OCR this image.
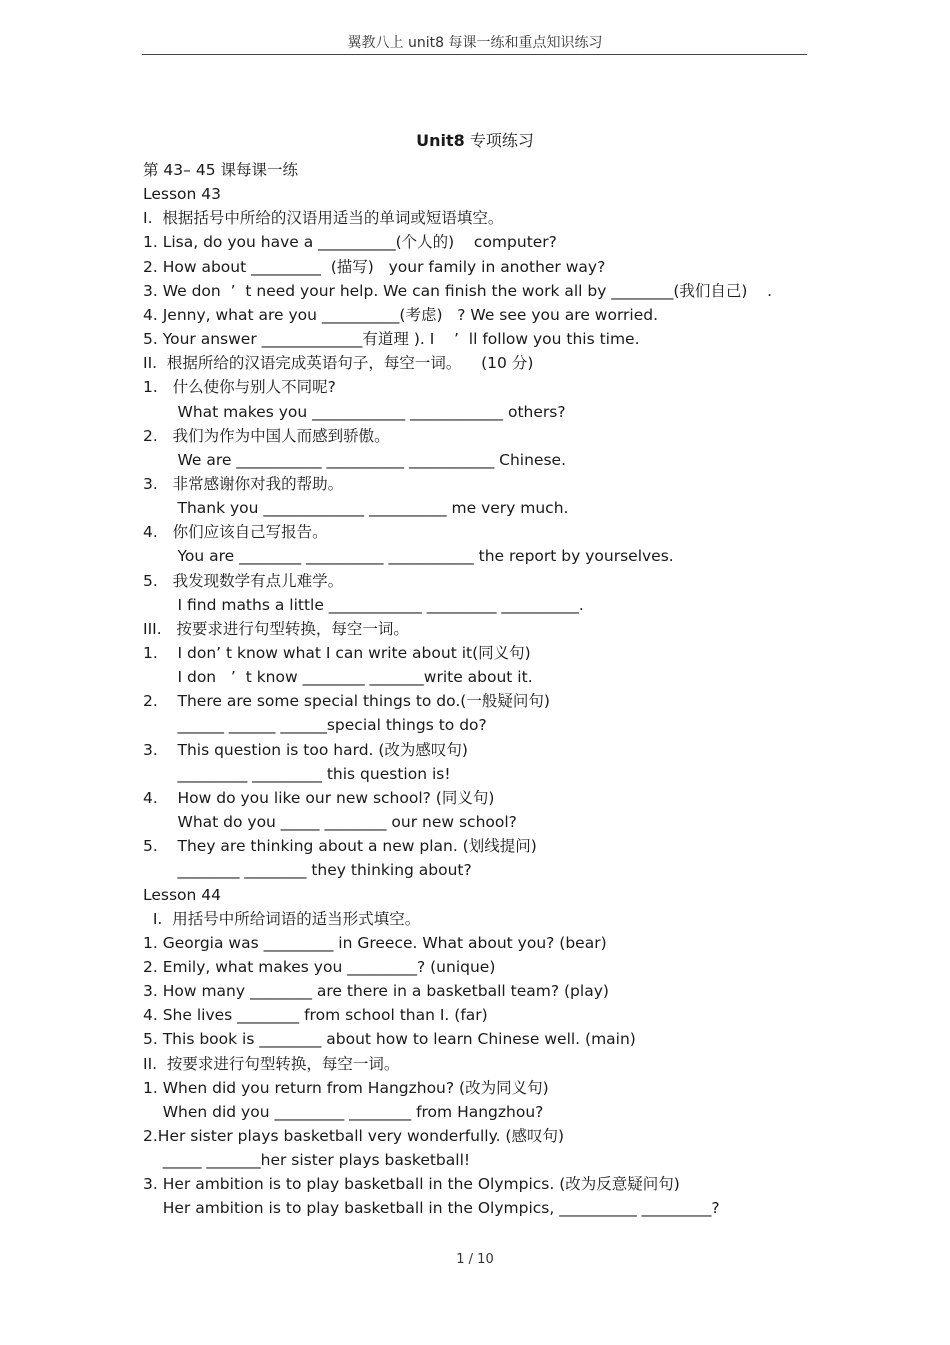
翼教八上 unit8 每课一练和重点知识练习
Unit8 专项练习
第 43– 45 课每课一练
Lesson 43
I.  根据括号中所给的汉语用适当的单词或短语填空。
1. Lisa, do you have a __________(个人的)    computer?
2. How about _________  (描写)   your family in another way?
3. We don  ’  t need your help. We can finish the work all by ________(我们自己)    .
4. Jenny, what are you __________(考虑)   ? We see you are worried.
5. Your answer _____________有道理 ). I    ’  ll follow you this time.
II.  根据所给的汉语完成英语句子，每空一词。    (10 分)
1.   什么使你与别人不同呢?
What makes you ____________ ____________ others?
2.   我们为作为中国人而感到骄傲。
We are ___________ __________ ___________ Chinese.
3.   非常感谢你对我的帮助。
Thank you _____________ __________ me very much.
4.   你们应该自己写报告。
You are ________ __________ ___________ the report by yourselves.
5.   我发现数学有点儿难学。
I find maths a little ____________ _________ __________.
III.   按要求进行句型转换，每空一词。
1.    I don’ t know what I can write about it(同义句)
I don   ’  t know ________ _______write about it.
2.    There are some special things to do.(一般疑问句)
______ ______ ______special things to do?
3.    This question is too hard. (改为感叹句)
_________ _________ this question is!
4.    How do you like our new school? (同义句)
What do you _____ ________ our new school?
5.    They are thinking about a new plan. (划线提问)
________ ________ they thinking about?
Lesson 44
I.  用括号中所给词语的适当形式填空。
1. Georgia was _________ in Greece. What about you? (bear)
2. Emily, what makes you _________? (unique)
3. How many ________ are there in a basketball team? (play)
4. She lives ________ from school than I. (far)
5. This book is ________ about how to learn Chinese well. (main)
II.  按要求进行句型转换，每空一词。
1. When did you return from Hangzhou? (改为同义句)
When did you _________ ________ from Hangzhou?
2.Her sister plays basketball very wonderfully. (感叹句)
_____ _______her sister plays basketball!
3. Her ambition is to play basketball in the Olympics. (改为反意疑问句)
Her ambition is to play basketball in the Olympics, __________ _________?
1 / 10
